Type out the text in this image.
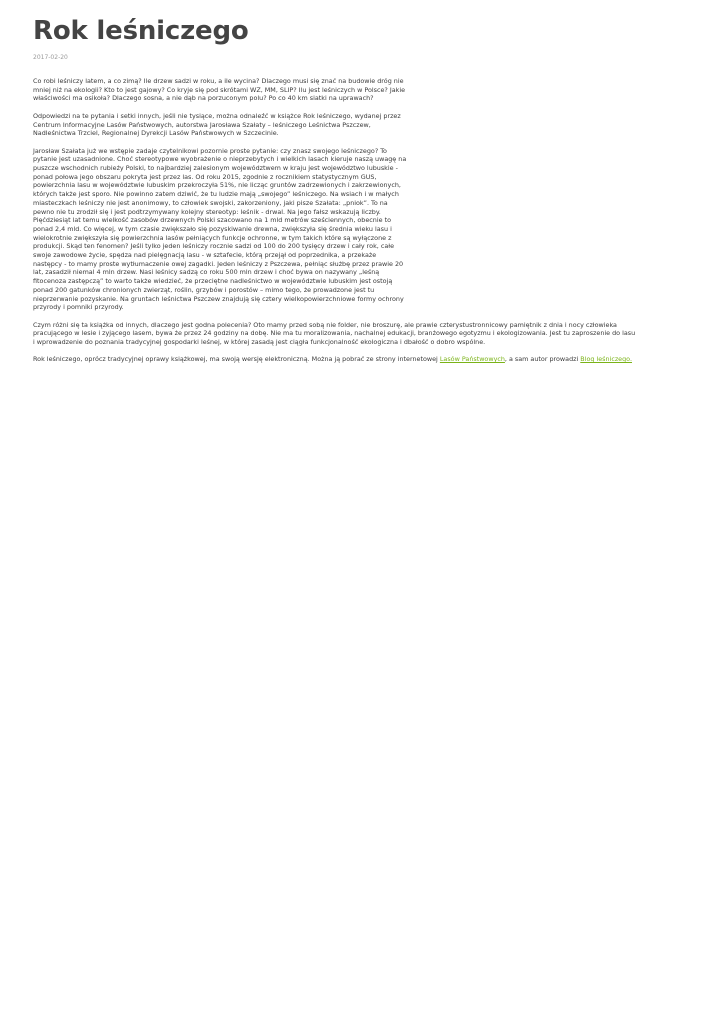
Rok leśniczego
2017-02-20

Co robi leśniczy latem, a co zimą? Ile drzew sadzi w roku, a ile wycina? Dlaczego musi się znać na budowie dróg nie mniej niż na ekologii? Kto to jest gajowy? Co kryje się pod skrótami WZ, MM, SLIP? Ilu jest leśniczych w Polsce? Jakie właściwości ma osikoła? Dlaczego sosna, a nie dąb na porzuconym polu? Po co 40 km siatki na uprawach?

Odpowiedzi na te pytania i setki innych, jeśli nie tysiące, można odnaleźć w książce Rok leśniczego, wydanej przez Centrum Informacyjne Lasów Państwowych, autorstwa Jarosława Szałaty – leśniczego Leśnictwa Pszczew, Nadleśnictwa Trzciel, Regionalnej Dyrekcji Lasów Państwowych w Szczecinie.

Jarosław Szałata już we wstępie zadaje czytelnikowi pozornie proste pytanie: czy znasz swojego leśniczego? To pytanie jest uzasadnione. Choć stereotypowe wyobrażenie o nieprzebytych i wielkich lasach kieruje naszą uwagę na puszcze wschodnich rubieży Polski, to najbardziej zalesionym województwem w kraju jest województwo lubuskie - ponad połowa jego obszaru pokryta jest przez las. Od roku 2015, zgodnie z rocznikiem statystycznym GUS, powierzchnia lasu w województwie lubuskim przekroczyła 51%, nie licząc gruntów zadrzewionych i zakrzewionych, których także jest sporo. Nie powinno zatem dziwić, że tu ludzie mają „swojego” leśniczego. Na wsiach i w małych miasteczkach leśniczy nie jest anonimowy, to człowiek swojski, zakorzeniony, jaki pisze Szałata: „pniok”. To na pewno nie tu zrodził się i jest podtrzymywany kolejny stereotyp: leśnik - drwal. Na jego fałsz wskazują liczby. Pięćdziesiąt lat temu wielkość zasobów drzewnych Polski szacowano na 1 mld metrów sześciennych, obecnie to ponad 2,4 mld. Co więcej, w tym czasie zwiększało się pozyskiwanie drewna, zwiększyła się średnia wieku lasu i wielokrotnie zwiększyła się powierzchnia lasów pełniących funkcje ochronne, w tym takich które są wyłączone z produkcji. Skąd ten fenomen? Jeśli tylko jeden leśniczy rocznie sadzi od 100 do 200 tysięcy drzew i cały rok, całe swoje zawodowe życie, spędza nad pielęgnacją lasu - w sztafecie, którą przejął od poprzednika, a przekaże następcy - to mamy proste wytłumaczenie owej zagadki. Jeden leśniczy z Pszczewa, pełniąc służbę przez prawie 20 lat, zasadził niemal 4 mln drzew. Nasi leśnicy sadzą co roku 500 mln drzew i choć bywa on nazywany „leśną fitocenoza zastępczą” to warto także wiedzieć, że przeciętne nadleśnictwo w województwie lubuskim jest ostoją ponad 200 gatunków chronionych zwierząt, roślin, grzybów i porostów – mimo tego, że prowadzone jest tu nieprzerwanie pozyskanie. Na gruntach leśnictwa Pszczew znajdują się cztery wielkopowierzchniowe formy ochrony przyrody i pomniki przyrody.

Czym różni się ta książka od innych, dlaczego jest godna polecenia? Oto mamy przed sobą nie folder, nie broszurę, ale prawie czterystustronnicowy pamiętnik z dnia i nocy człowieka pracującego w lesie i zyjącego lasem, bywa że przez 24 godziny na dobę. Nie ma tu moralizowania, nachalnej edukacji, branżowego egotyzmu i ekologizowania. Jest tu zaproszenie do lasu i wprowadzenie do poznania tradycyjnej gospodarki leśnej, w której zasadą jest ciągła funkcjonalność ekologiczna i dbałość o dobro wspólne.

Rok leśniczego, oprócz tradycyjnej oprawy książkowej, ma swoją wersję elektroniczną. Można ją pobrać ze strony internetowej Lasów Państwowych, a sam autor prowadzi Blog leśniczego.
